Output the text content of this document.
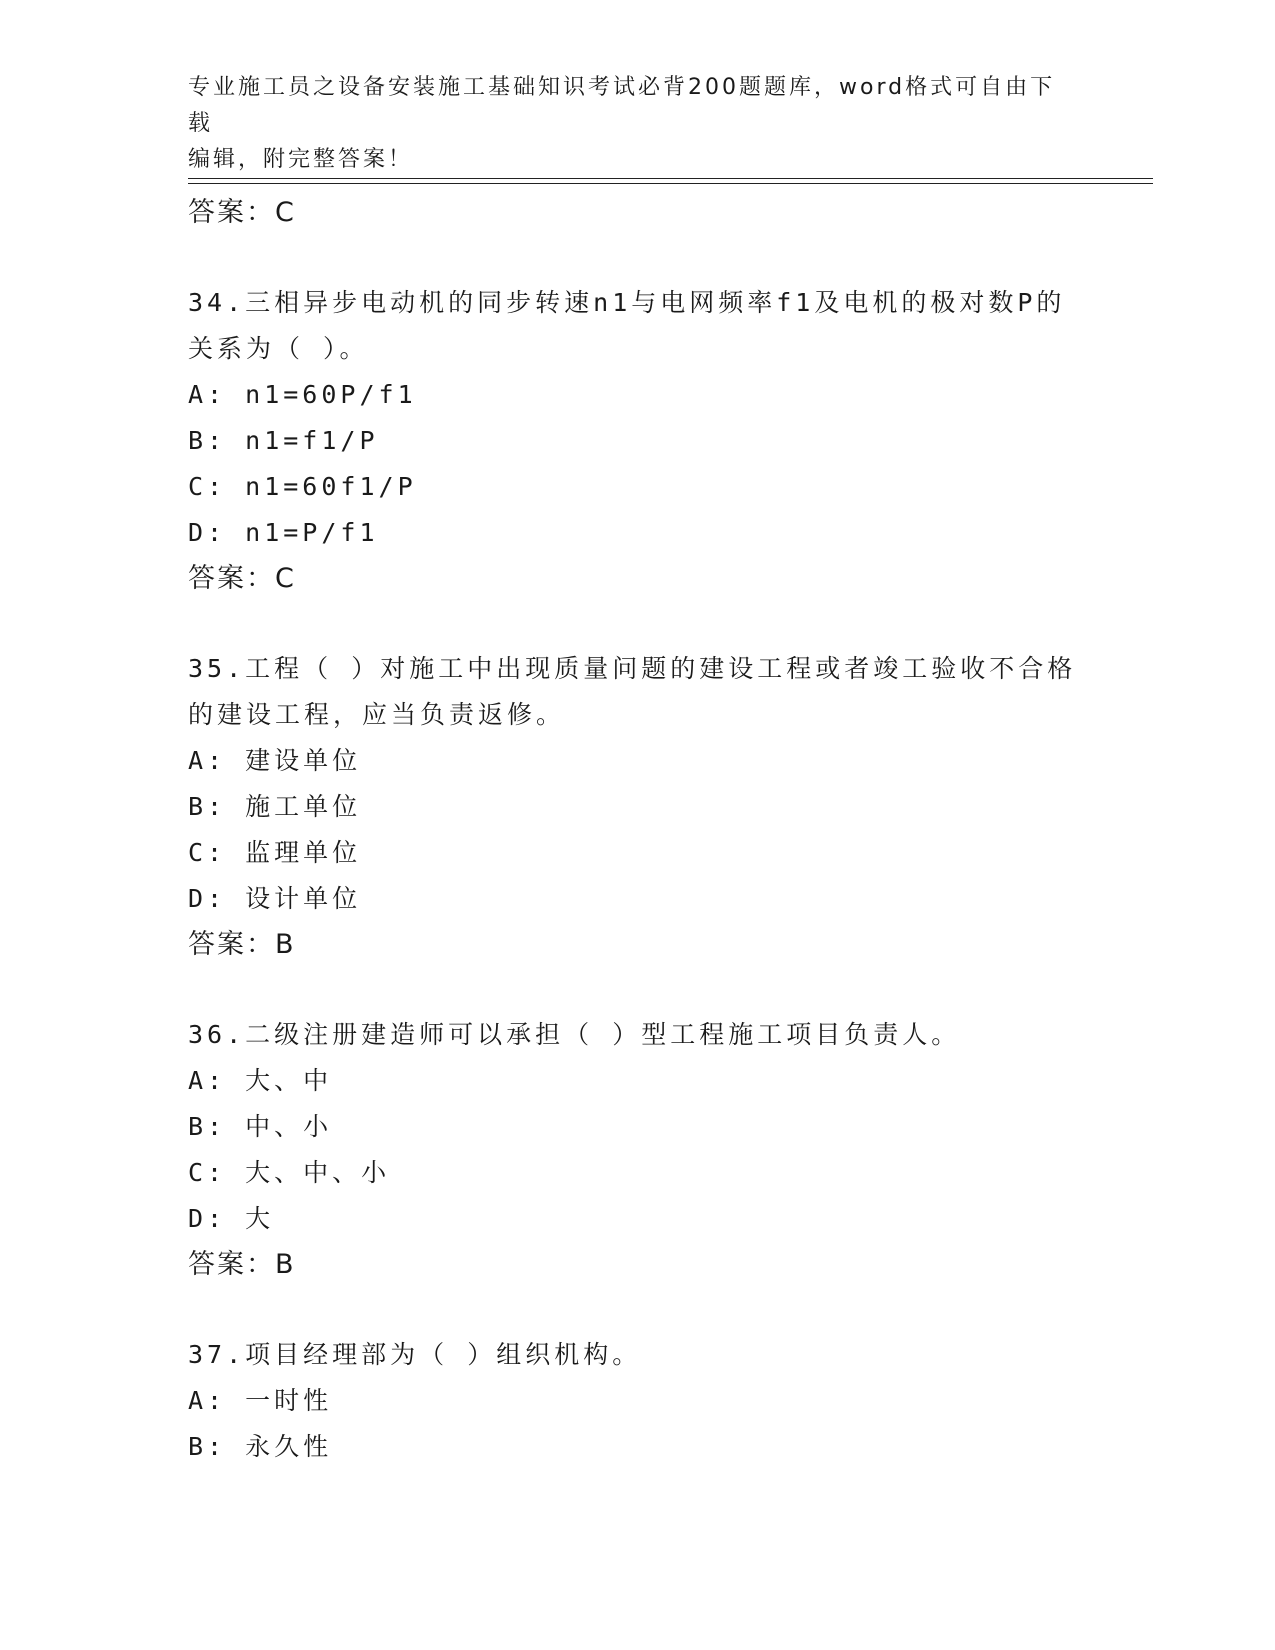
专业施工员之设备安装施工基础知识考试必背200题题库，word格式可自由下载
编辑，附完整答案！
答案：C
34.三相异步电动机的同步转速n1与电网频率f1及电机的极对数P的
关系为（ ）。
A: n1=60P/f1
B: n1=f1/P
C: n1=60f1/P
D: n1=P/f1
答案：C
35.工程（ ）对施工中出现质量问题的建设工程或者竣工验收不合格
的建设工程，应当负责返修。
A: 建设单位
B: 施工单位
C: 监理单位
D: 设计单位
答案：B
36.二级注册建造师可以承担（ ）型工程施工项目负责人。
A: 大、中
B: 中、小
C: 大、中、小
D: 大
答案：B
37.项目经理部为（ ）组织机构。
A: 一时性
B: 永久性
